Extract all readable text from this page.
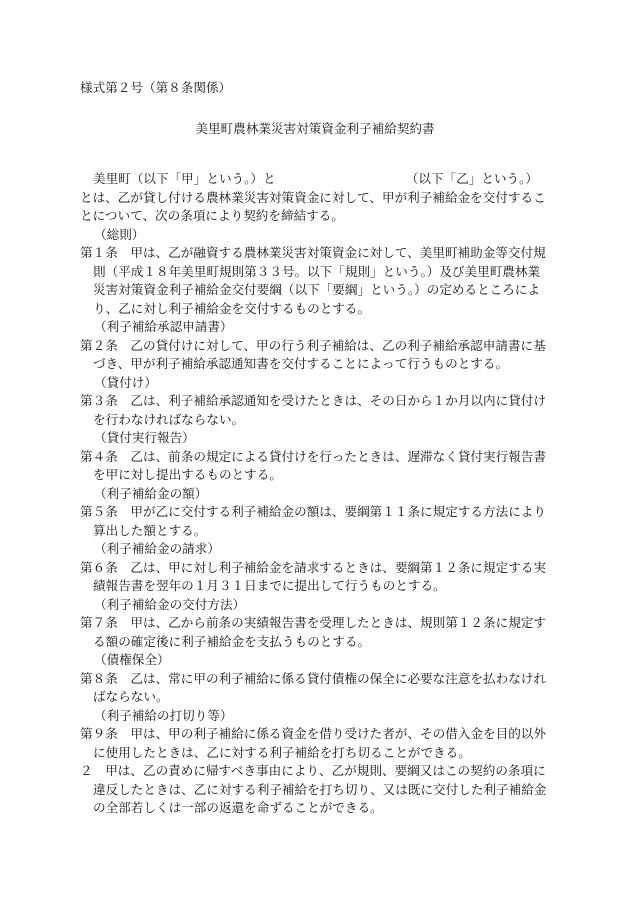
様式第２号（第８条関係）
美里町農林業災害対策資金利子補給契約書
美里町（以下「甲」という。）と	（以下「乙」という。）
とは、乙が貸し付ける農林業災害対策資金に対して、甲が利子補給金を交付することについて、次の条項により契約を締結する。
（総則）
第１条　甲は、乙が融資する農林業災害対策資金に対して、美里町補助金等交付規則（平成１８年美里町規則第３３号。以下「規則」という。）及び美里町農林業災害対策資金利子補給金交付要綱（以下「要綱」という。）の定めるところにより、乙に対し利子補給金を交付するものとする。
（利子補給承認申請書）
第２条　乙の貸付けに対して、甲の行う利子補給は、乙の利子補給承認申請書に基づき、甲が利子補給承認通知書を交付することによって行うものとする。
（貸付け）
第３条　乙は、利子補給承認通知を受けたときは、その日から１か月以内に貸付けを行わなければならない。
（貸付実行報告）
第４条　乙は、前条の規定による貸付けを行ったときは、遅滞なく貸付実行報告書を甲に対し提出するものとする。
（利子補給金の額）
第５条　甲が乙に交付する利子補給金の額は、要綱第１１条に規定する方法により算出した額とする。
（利子補給金の請求）
第６条　乙は、甲に対し利子補給金を請求するときは、要綱第１２条に規定する実績報告書を翌年の１月３１日までに提出して行うものとする。
（利子補給金の交付方法）
第７条　甲は、乙から前条の実績報告書を受理したときは、規則第１２条に規定する額の確定後に利子補給金を支払うものとする。
（債権保全）
第８条　乙は、常に甲の利子補給に係る貸付債権の保全に必要な注意を払わなければならない。
（利子補給の打切り等）
第９条　甲は、甲の利子補給に係る資金を借り受けた者が、その借入金を目的以外に使用したときは、乙に対する利子補給を打ち切ることができる。
２　甲は、乙の責めに帰すべき事由により、乙が規則、要綱又はこの契約の条項に違反したときは、乙に対する利子補給を打ち切り、又は既に交付した利子補給金の全部若しくは一部の返還を命ずることができる。
